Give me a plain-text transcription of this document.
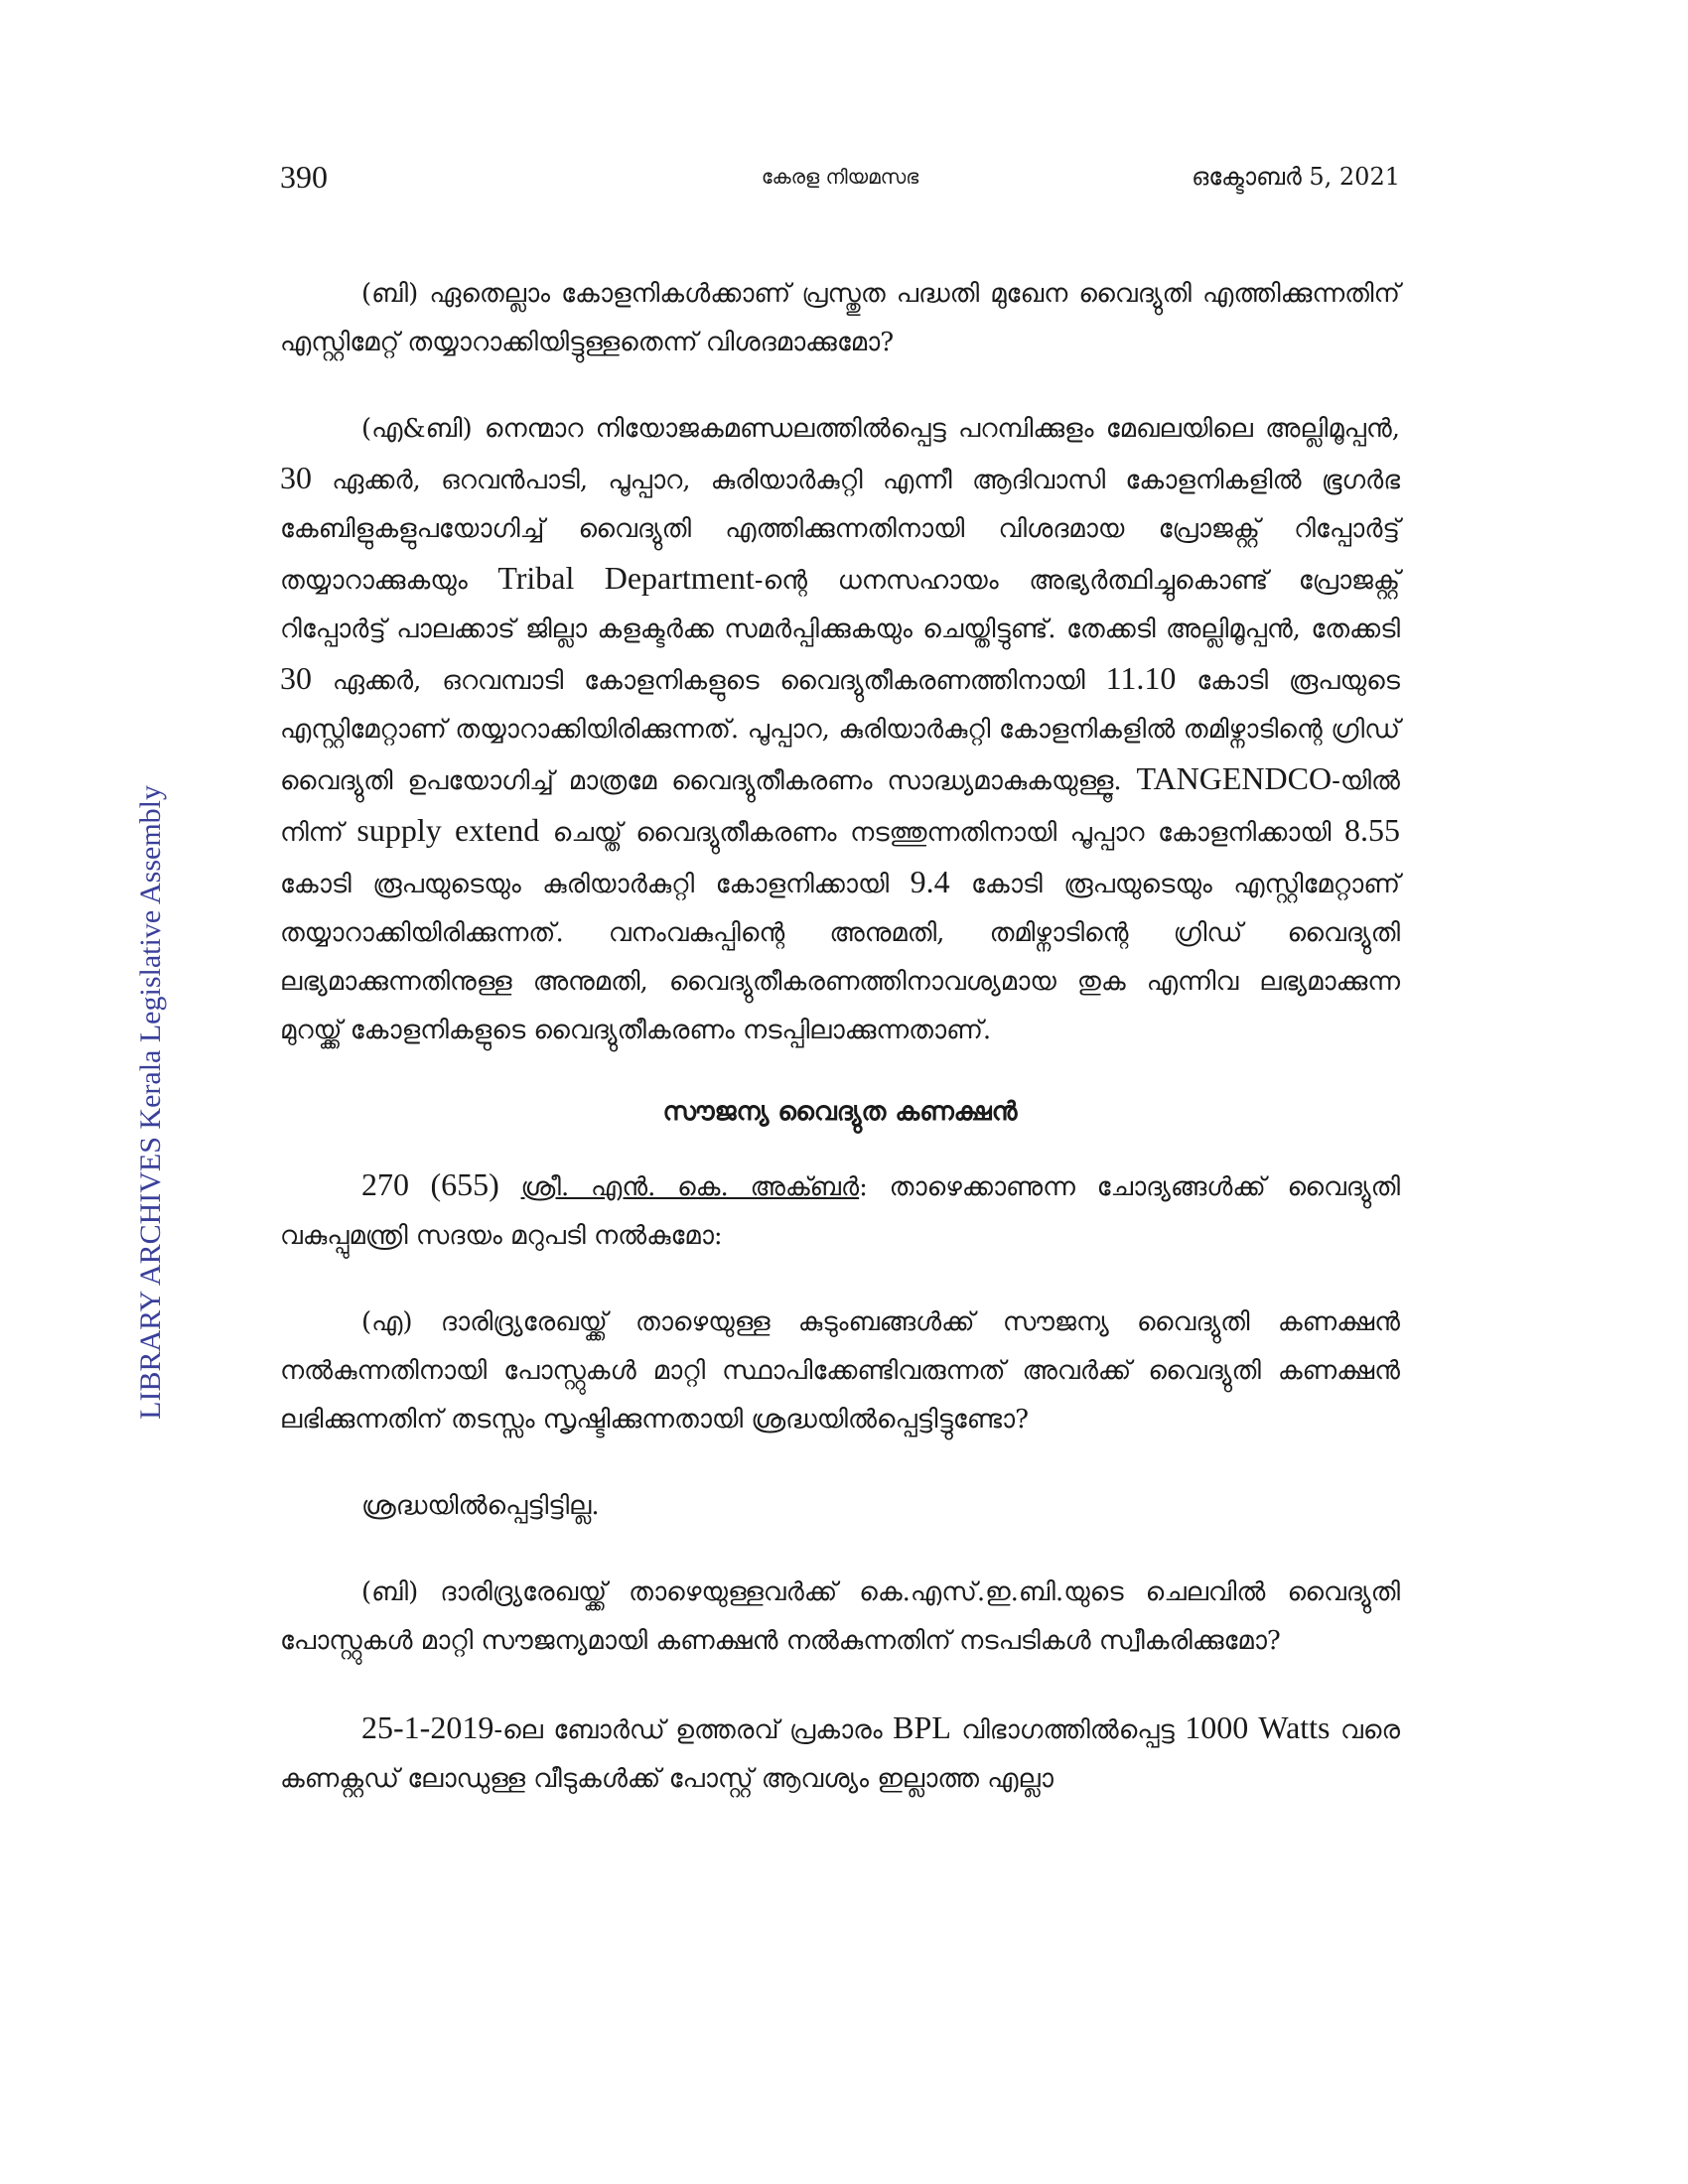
LIBRARY ARCHIVES Kerala Legislative Assembly
390	കേരള നിയമസഭ	ഒക്ടോബർ 5, 2021

(ബി) ഏതെല്ലാം കോളനികൾക്കാണ് പ്രസ്തുത പദ്ധതി മുഖേന വൈദ്യുതി എത്തിക്കുന്നതിന് എസ്റ്റിമേറ്റ് തയ്യാറാക്കിയിട്ടുള്ളതെന്ന് വിശദമാക്കുമോ?

(എ&ബി) നെന്മാറ നിയോജകമണ്ഡലത്തിൽപ്പെട്ട പറമ്പിക്കുളം മേഖലയിലെ അല്ലിമൂപ്പൻ, 30 ഏക്കർ, ഒറവൻപാടി, പൂപ്പാറ, കുരിയാർകുറ്റി എന്നീ ആദിവാസി കോളനികളിൽ ഭൂഗർഭ കേബിളുകളുപയോഗിച്ച് വൈദ്യുതി എത്തിക്കുന്നതിനായി വിശദമായ പ്രോജക്റ്റ് റിപ്പോർട്ട് തയ്യാറാക്കുകയും Tribal Department-ന്റെ ധനസഹായം അഭ്യർത്ഥിച്ചുകൊണ്ട് പ്രോജക്റ്റ് റിപ്പോർട്ട് പാലക്കാട് ജില്ലാ കളക്ടർക്ക സമർപ്പിക്കുകയും ചെയ്തിട്ടുണ്ട്. തേക്കടി അല്ലിമൂപ്പൻ, തേക്കടി 30 ഏക്കർ, ഒറവമ്പാടി കോളനികളുടെ വൈദ്യുതീകരണത്തിനായി 11.10 കോടി രൂപയുടെ എസ്റ്റിമേറ്റാണ് തയ്യാറാക്കിയിരിക്കുന്നത്. പൂപ്പാറ, കുരിയാർകുറ്റി കോളനികളിൽ തമിഴ്നാടിന്റെ ഗ്രിഡ് വൈദ്യുതി ഉപയോഗിച്ച് മാത്രമേ വൈദ്യുതീകരണം സാദ്ധ്യമാകുകയുള്ളൂ. TANGENDCO-യിൽ നിന്ന് supply extend ചെയ്ത് വൈദ്യുതീകരണം നടത്തുന്നതിനായി പൂപ്പാറ കോളനിക്കായി 8.55 കോടി രൂപയുടെയും കുരിയാർകുറ്റി കോളനിക്കായി 9.4 കോടി രൂപയുടെയും എസ്റ്റിമേറ്റാണ് തയ്യാറാക്കിയിരിക്കുന്നത്. വനംവകുപ്പിന്റെ അനുമതി, തമിഴ്നാടിന്റെ ഗ്രിഡ് വൈദ്യുതി ലഭ്യമാക്കുന്നതിനുള്ള അനുമതി, വൈദ്യുതീകരണത്തിനാവശ്യമായ തുക എന്നിവ ലഭ്യമാക്കുന്ന മുറയ്ക്ക് കോളനികളുടെ വൈദ്യുതീകരണം നടപ്പിലാക്കുന്നതാണ്.

സൗജന്യ വൈദ്യുത കണക്ഷൻ

270 (655) ശ്രീ. എൻ. കെ. അക്ബർ: താഴെക്കാണുന്ന ചോദ്യങ്ങൾക്ക് വൈദ്യുതി വകുപ്പുമന്ത്രി സദയം മറുപടി നൽകുമോ:

(എ) ദാരിദ്ര്യരേഖയ്ക്ക് താഴെയുള്ള കുടുംബങ്ങൾക്ക് സൗജന്യ വൈദ്യുതി കണക്ഷൻ നൽകുന്നതിനായി പോസ്റ്റുകൾ മാറ്റി സ്ഥാപിക്കേണ്ടിവരുന്നത് അവർക്ക് വൈദ്യുതി കണക്ഷൻ ലഭിക്കുന്നതിന് തടസ്സം സൃഷ്ടിക്കുന്നതായി ശ്രദ്ധയിൽപ്പെട്ടിട്ടുണ്ടോ?

ശ്രദ്ധയിൽപ്പെട്ടിട്ടില്ല.

(ബി) ദാരിദ്ര്യരേഖയ്ക്ക് താഴെയുള്ളവർക്ക് കെ.എസ്.ഇ.ബി.യുടെ ചെലവിൽ വൈദ്യുതി പോസ്റ്റുകൾ മാറ്റി സൗജന്യമായി കണക്ഷൻ നൽകുന്നതിന് നടപടികൾ സ്വീകരിക്കുമോ?

25-1-2019-ലെ ബോർഡ് ഉത്തരവ് പ്രകാരം BPL വിഭാഗത്തിൽപ്പെട്ട 1000 Watts വരെ കണക്റ്റഡ് ലോഡുള്ള വീടുകൾക്ക് പോസ്റ്റ് ആവശ്യം ഇല്ലാത്ത എല്ലാ
